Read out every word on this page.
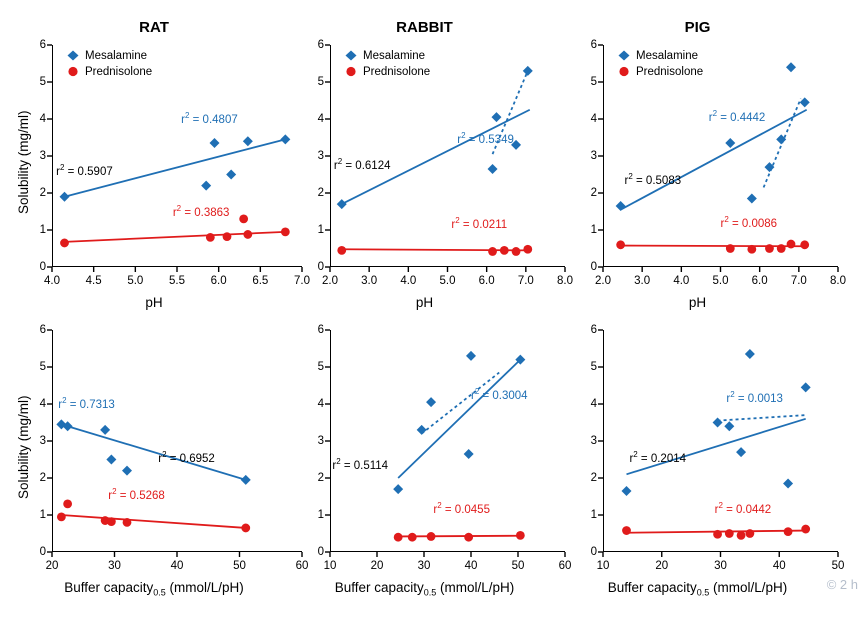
RAT
0
1
2
3
4
5
6
4.0 4.5 5.0 5.5 6.0 6.5 7.0
$r^2 = 0.4807$
$r^2 = 0.5907$
$r^2 = 0.3863$
Mesalamine
Prednisolone
Solubility (mg/ml)
pH
RABBIT
0
1
2
3
4
5
6
2.0 3.0 4.0 5.0 6.0 7.0 8.0
$r^2 = 0.5349$
$r^2 = 0.6124$
$r^2 = 0.0211$
Mesalamine
Prednisolone
pH
PIG
0
1
2
3
4
5
6
2.0 3.0 4.0 5.0 6.0 7.0 8.0
$r^2 = 0.4442$
$r^2 = 0.5083$
$r^2 = 0.0086$
Mesalamine
Prednisolone
pH
0
1
2
3
4
5
6
20	30	40	50	60
$r^2 = 0.7313$
$r^2 = 0.6952$
$r^2 = 0.5268$
Solubility (mg/ml)
Buffer capacity$_{0.5}$ (mmol/L/pH)
0
1
2
3
4
5
6
10	20	30	40	50	60
$r^2 = 0.3004$
$r^2 = 0.5114$
$r^2 = 0.0455$
Buffer capacity$_{0.5}$ (mmol/L/pH)
0
1
2
3
4
5
6
10	20	30	40	50
$r^2 = 0.0013$
$r^2 = 0.2014$
$r^2 = 0.0442$
Buffer capacity$_{0.5}$ (mmol/L/pH)	© 2 h
